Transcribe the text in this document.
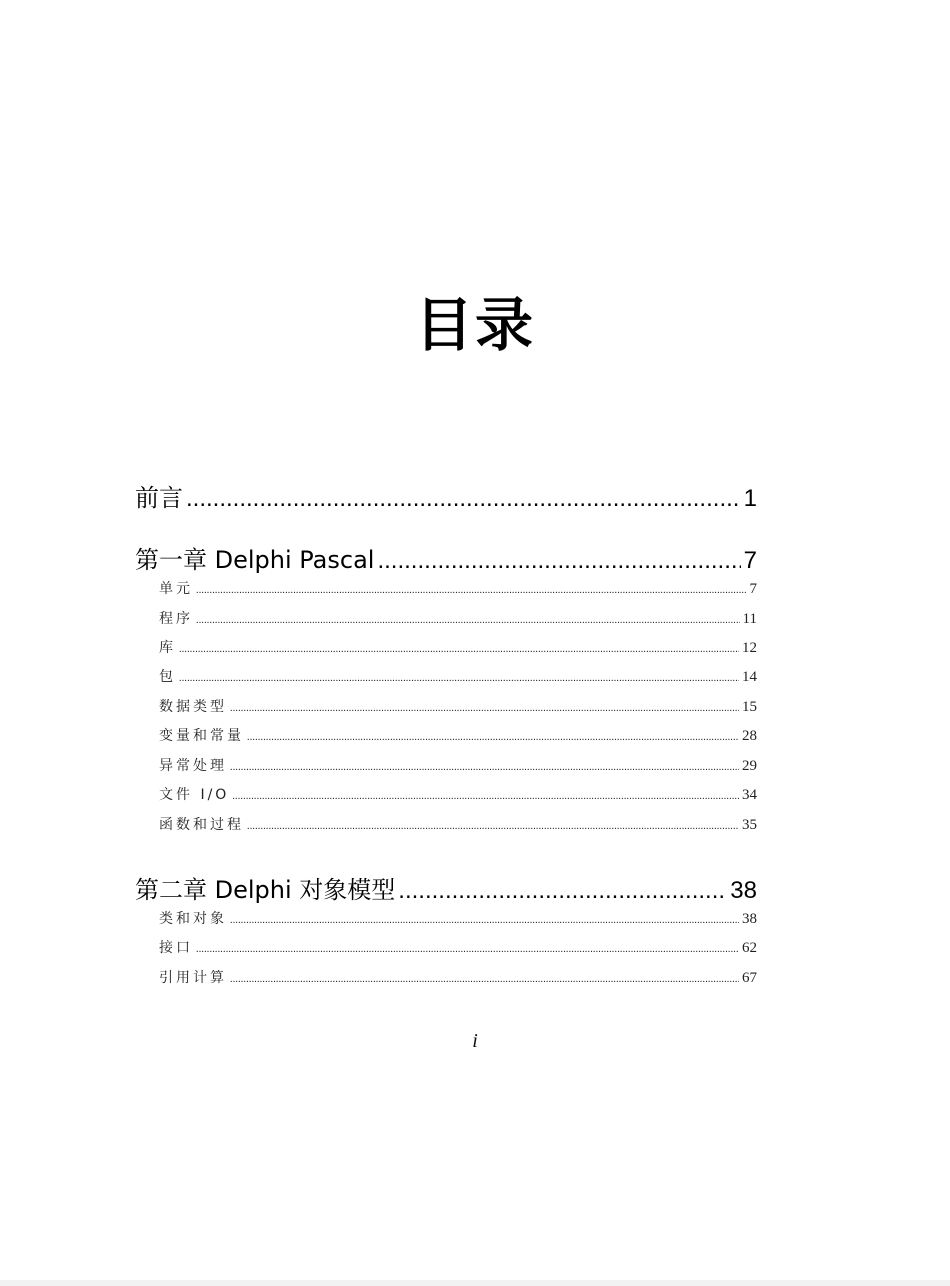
目录
前言 .....	1
第一章 Delphi Pascal .....	7
单元 .....	7
程序 .....	11
库 .....	12
包 .....	14
数据类型 .....	15
变量和常量 .....	28
异常处理 .....	29
文件 I/O .....	34
函数和过程 .....	35
第二章 Delphi 对象模型 .....	38
类和对象 .....	38
接口 .....	62
引用计算 .....	67
i
